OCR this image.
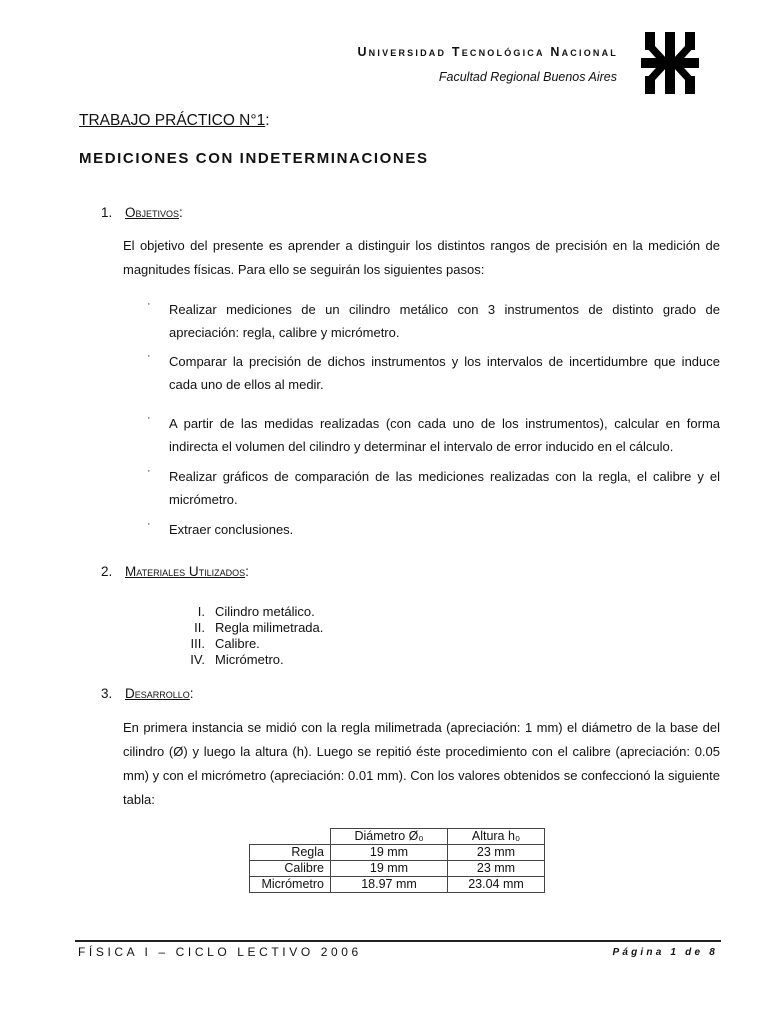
Universidad Tecnológica Nacional
Facultad Regional Buenos Aires
TRABAJO PRÁCTICO N°1:
MEDICIONES CON INDETERMINACIONES
1. Objetivos:
El objetivo del presente es aprender a distinguir los distintos rangos de precisión en la medición de magnitudes físicas. Para ello se seguirán los siguientes pasos:
· Realizar mediciones de un cilindro metálico con 3 instrumentos de distinto grado de apreciación: regla, calibre y micrómetro.
· Comparar la precisión de dichos instrumentos y los intervalos de incertidumbre que induce cada uno de ellos al medir.
· A partir de las medidas realizadas (con cada uno de los instrumentos), calcular en forma indirecta el volumen del cilindro y determinar el intervalo de error inducido en el cálculo.
· Realizar gráficos de comparación de las mediciones realizadas con la regla, el calibre y el micrómetro.
· Extraer conclusiones.
2. Materiales Utilizados:
I. Cilindro metálico.
II. Regla milimetrada.
III. Calibre.
IV. Micrómetro.
3. Desarrollo:
En primera instancia se midió con la regla milimetrada (apreciación: 1 mm) el diámetro de la base del cilindro (Ø) y luego la altura (h). Luego se repitió éste procedimiento con el calibre (apreciación: 0.05 mm) y con el micrómetro (apreciación: 0.01 mm). Con los valores obtenidos se confeccionó la siguiente tabla:
	Diámetro Ø₀	Altura h₀
Regla	19 mm	23 mm
Calibre	19 mm	23 mm
Micrómetro	18.97 mm	23.04 mm
FÍSICA I – CICLO LECTIVO 2006	Página 1 de 8
